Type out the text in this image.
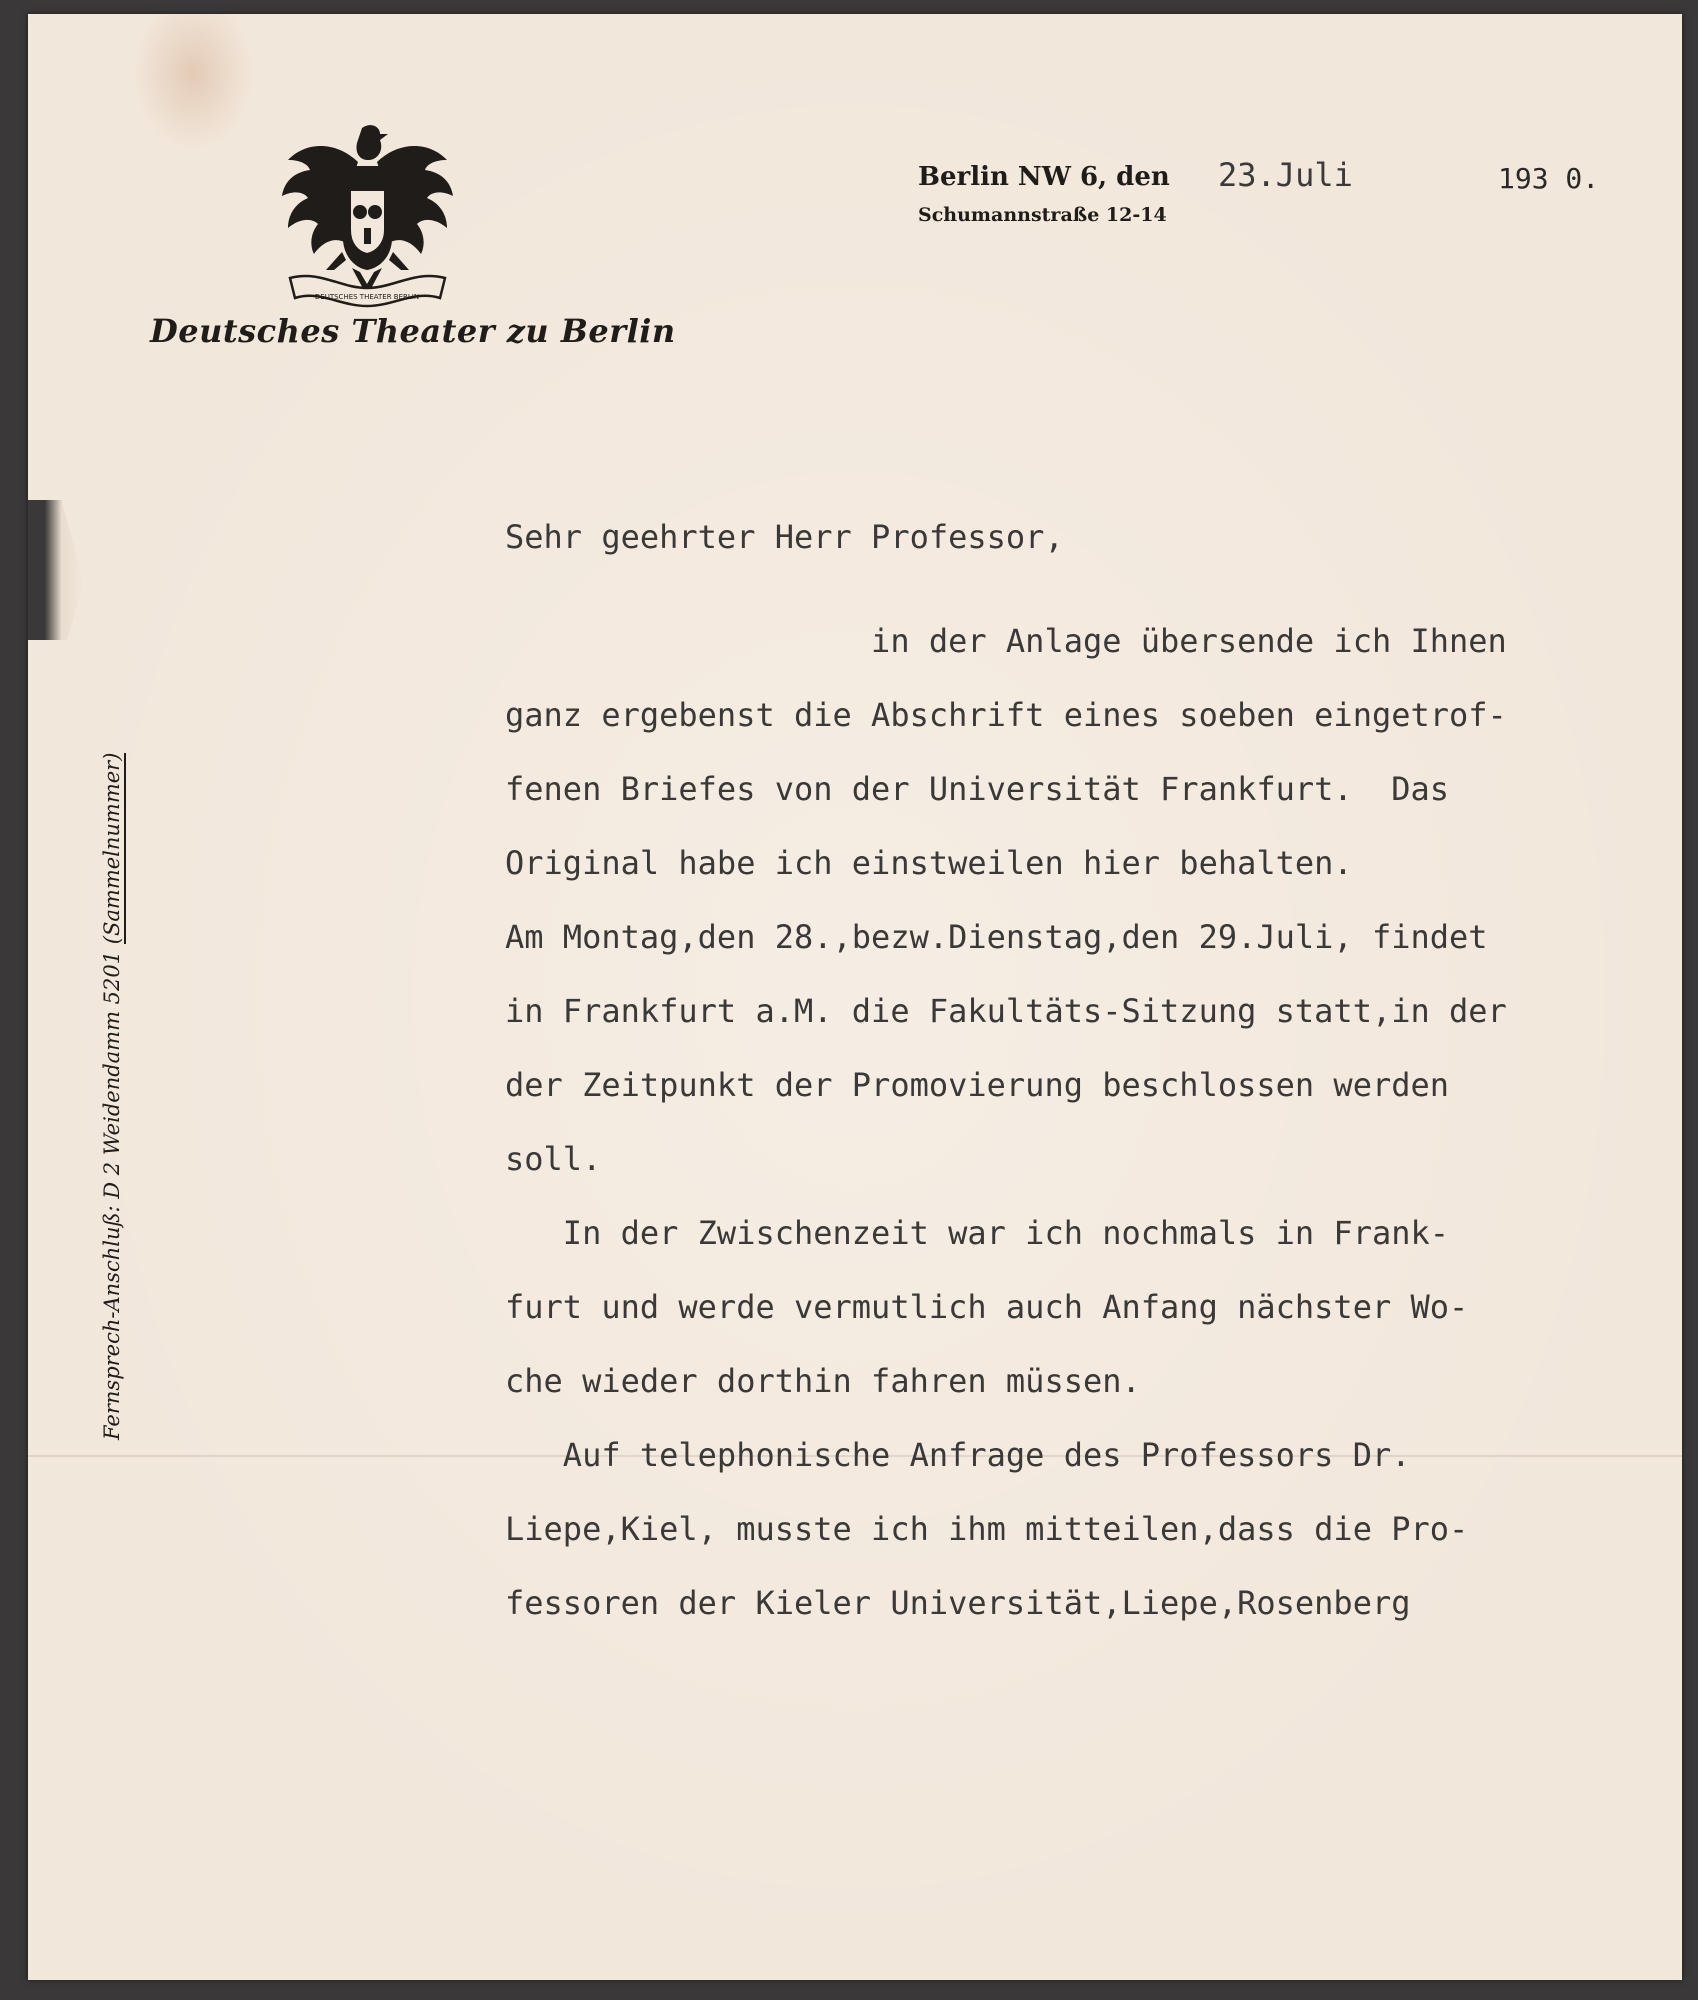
DEUTSCHES THEATER BERLIN
Deutsches Theater zu Berlin
Berlin NW 6, den
Schumannstraße 12-14
23.Juli	193 0.
Fernsprech-Anschluß: D 2 Weidendamm 5201 (Sammelnummer)
Sehr geehrter Herr Professor,
in der Anlage übersende ich Ihnen
ganz ergebenst die Abschrift eines soeben eingetrof-
fenen Briefes von der Universität Frankfurt.  Das
Original habe ich einstweilen hier behalten.
Am Montag,den 28.,bezw.Dienstag,den 29.Juli, findet
in Frankfurt a.M. die Fakultäts-Sitzung statt,in der
der Zeitpunkt der Promovierung beschlossen werden
soll.
In der Zwischenzeit war ich nochmals in Frank-
furt und werde vermutlich auch Anfang nächster Wo-
che wieder dorthin fahren müssen.
Auf telephonische Anfrage des Professors Dr.
Liepe,Kiel, musste ich ihm mitteilen,dass die Pro-
fessoren der Kieler Universität,Liepe,Rosenberg
